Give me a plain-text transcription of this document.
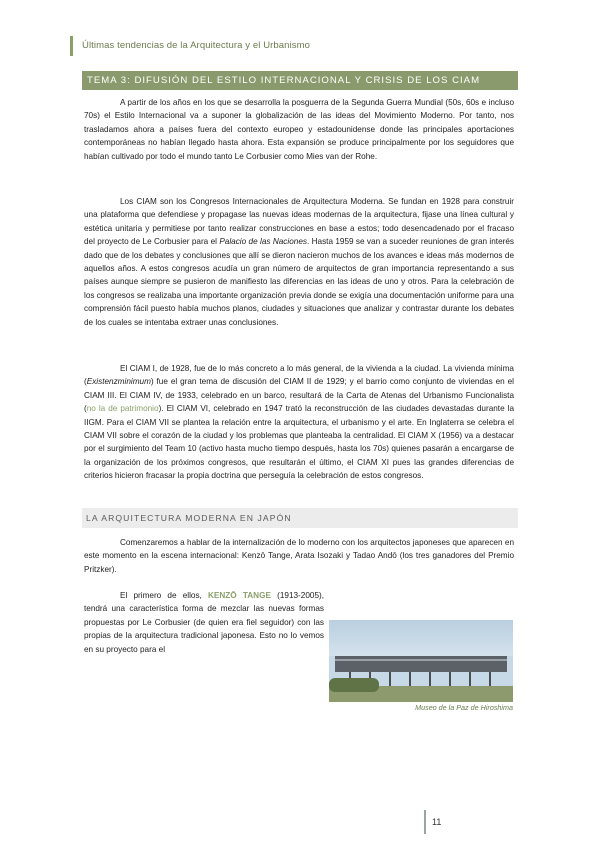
Últimas tendencias de la Arquitectura y el Urbanismo
TEMA 3: DIFUSIÓN DEL ESTILO INTERNACIONAL Y CRISIS DE LOS CIAM

A partir de los años en los que se desarrolla la posguerra de la Segunda Guerra Mundial (50s, 60s e incluso 70s) el Estilo Internacional va a suponer la globalización de las ideas del Movimiento Moderno. Por tanto, nos trasladamos ahora a países fuera del contexto europeo y estadounidense donde las principales aportaciones contemporáneas no habían llegado hasta ahora. Esta expansión se produce principalmente por los seguidores que habían cultivado por todo el mundo tanto Le Corbusier como Mies van der Rohe.

Los CIAM son los Congresos Internacionales de Arquitectura Moderna. Se fundan en 1928 para construir una plataforma que defendiese y propagase las nuevas ideas modernas de la arquitectura, fijase una línea cultural y estética unitaria y permitiese por tanto realizar construcciones en base a estos; todo desencadenado por el fracaso del proyecto de Le Corbusier para el Palacio de las Naciones. Hasta 1959 se van a suceder reuniones de gran interés dado que de los debates y conclusiones que allí se dieron nacieron muchos de los avances e ideas más modernos de aquellos años. A estos congresos acudía un gran número de arquitectos de gran importancia representando a sus países aunque siempre se pusieron de manifiesto las diferencias en las ideas de uno y otros. Para la celebración de los congresos se realizaba una importante organización previa donde se exigía una documentación uniforme para una comprensión fácil puesto había muchos planos, ciudades y situaciones que analizar y contrastar durante los debates de los cuales se intentaba extraer unas conclusiones.

El CIAM I, de 1928, fue de lo más concreto a lo más general, de la vivienda a la ciudad. La vivienda mínima (Existenzminimum) fue el gran tema de discusión del CIAM II de 1929; y el barrio como conjunto de viviendas en el CIAM III. El CIAM IV, de 1933, celebrado en un barco, resultará de la Carta de Atenas del Urbanismo Funcionalista (no la de patrimonio). El CIAM VI, celebrado en 1947 trató la reconstrucción de las ciudades devastadas durante la IIGM. Para el CIAM VII se plantea la relación entre la arquitectura, el urbanismo y el arte. En Inglaterra se celebra el CIAM VII sobre el corazón de la ciudad y los problemas que planteaba la centralidad. El CIAM X (1956) va a destacar por el surgimiento del Team 10 (activo hasta mucho tiempo después, hasta los 70s) quienes pasarán a encargarse de la organización de los próximos congresos, que resultarán el último, el CIAM XI pues las grandes diferencias de criterios hicieron fracasar la propia doctrina que perseguía la celebración de estos congresos.

LA ARQUITECTURA MODERNA EN JAPÓN

Comenzaremos a hablar de la internalización de lo moderno con los arquitectos japoneses que aparecen en este momento en la escena internacional: Kenzō Tange, Arata Isozaki y Tadao Andō (los tres ganadores del Premio Pritzker).

El primero de ellos, KENZŌ TANGE (1913-2005), tendrá una característica forma de mezclar las nuevas formas propuestas por Le Corbusier (de quien era fiel seguidor) con las propias de la arquitectura tradicional japonesa. Esto no lo vemos en su proyecto para el

Museo de la Paz de Hiroshima
11
